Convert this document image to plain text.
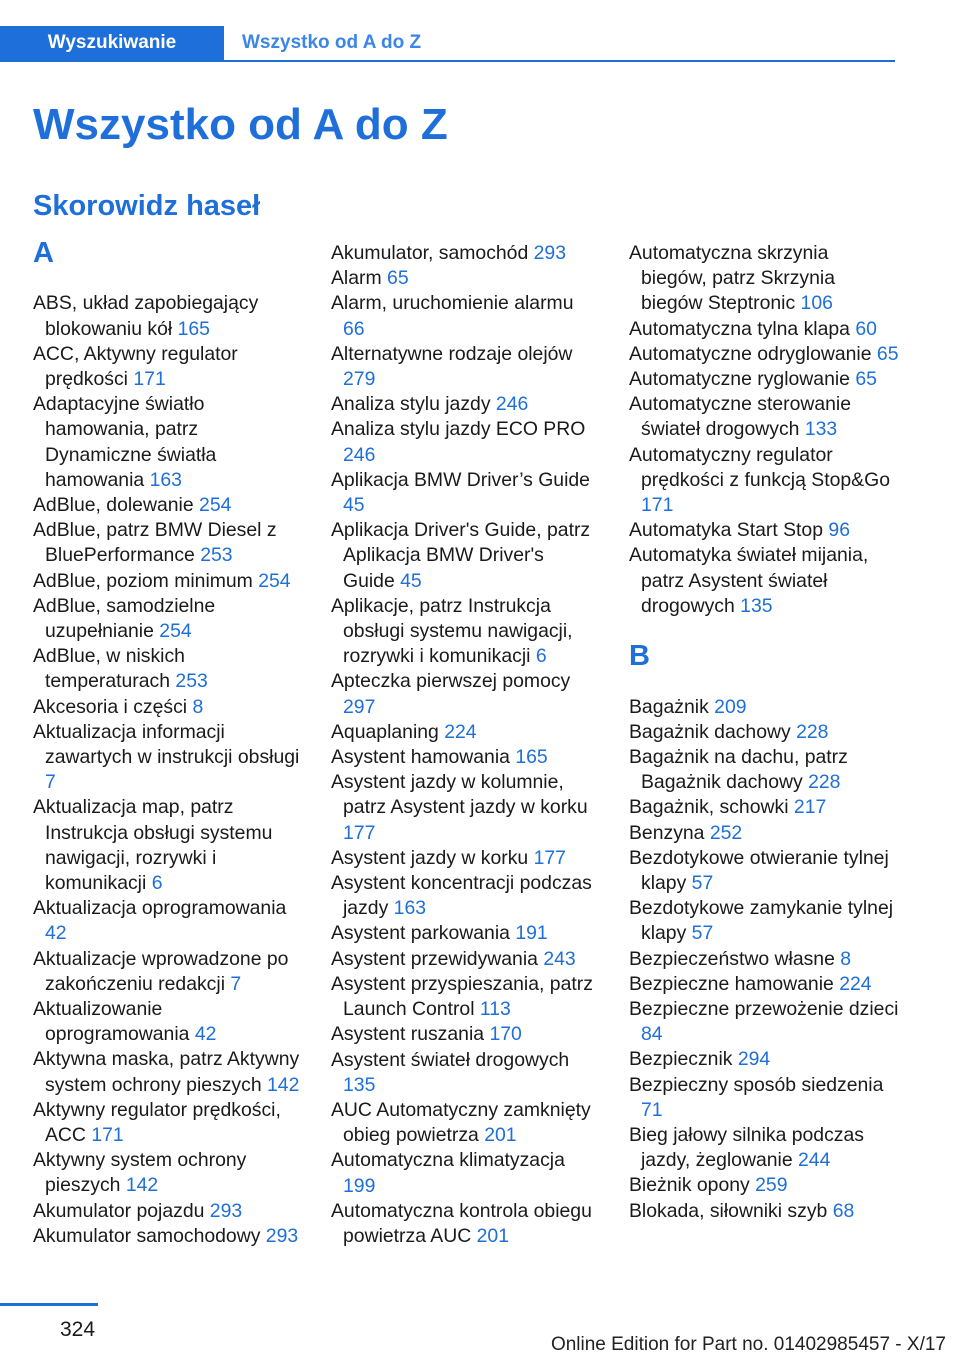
Wyszukiwanie	Wszystko od A do Z
Wszystko od A do Z
Skorowidz haseł
A
ABS, układ zapobiegający blokowaniu kół 165
ACC, Aktywny regulator prędkości 171
Adaptacyjne światło hamowania, patrz Dynamiczne światła hamowania 163
AdBlue, dolewanie 254
AdBlue, patrz BMW Diesel z BluePerformance 253
AdBlue, poziom minimum 254
AdBlue, samodzielne uzupełnianie 254
AdBlue, w niskich temperaturach 253
Akcesoria i części 8
Aktualizacja informacji zawartych w instrukcji obsługi 7
Aktualizacja map, patrz Instrukcja obsługi systemu nawigacji, rozrywki i komunikacji 6
Aktualizacja oprogramowania 42
Aktualizacje wprowadzone po zakończeniu redakcji 7
Aktualizowanie oprogramowania 42
Aktywna maska, patrz Aktywny system ochrony pieszych 142
Aktywny regulator prędkości, ACC 171
Aktywny system ochrony pieszych 142
Akumulator pojazdu 293
Akumulator samochodowy 293
Akumulator, samochód 293
Alarm 65
Alarm, uruchomienie alarmu 66
Alternatywne rodzaje olejów 279
Analiza stylu jazdy 246
Analiza stylu jazdy ECO PRO 246
Aplikacja BMW Driver’s Guide 45
Aplikacja Driver's Guide, patrz Aplikacja BMW Driver's Guide 45
Aplikacje, patrz Instrukcja obsługi systemu nawigacji, rozrywki i komunikacji 6
Apteczka pierwszej pomocy 297
Aquaplaning 224
Asystent hamowania 165
Asystent jazdy w kolumnie, patrz Asystent jazdy w korku 177
Asystent jazdy w korku 177
Asystent koncentracji podczas jazdy 163
Asystent parkowania 191
Asystent przewidywania 243
Asystent przyspieszania, patrz Launch Control 113
Asystent ruszania 170
Asystent świateł drogowych 135
AUC Automatyczny zamknięty obieg powietrza 201
Automatyczna klimatyzacja 199
Automatyczna kontrola obiegu powietrza AUC 201
Automatyczna skrzynia biegów, patrz Skrzynia biegów Steptronic 106
Automatyczna tylna klapa 60
Automatyczne odryglowanie 65
Automatyczne ryglowanie 65
Automatyczne sterowanie świateł drogowych 133
Automatyczny regulator prędkości z funkcją Stop&Go 171
Automatyka Start Stop 96
Automatyka świateł mijania, patrz Asystent świateł drogowych 135
B
Bagażnik 209
Bagażnik dachowy 228
Bagażnik na dachu, patrz Bagażnik dachowy 228
Bagażnik, schowki 217
Benzyna 252
Bezdotykowe otwieranie tylnej klapy 57
Bezdotykowe zamykanie tylnej klapy 57
Bezpieczeństwo własne 8
Bezpieczne hamowanie 224
Bezpieczne przewożenie dzieci 84
Bezpiecznik 294
Bezpieczny sposób siedzenia 71
Bieg jałowy silnika podczas jazdy, żeglowanie 244
Bieżnik opony 259
Blokada, siłowniki szyb 68
324
Online Edition for Part no. 01402985457 - X/17
